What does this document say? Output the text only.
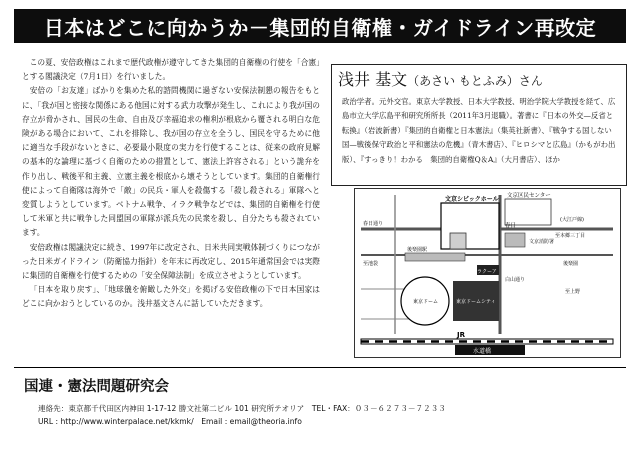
日本はどこに向かうか－集団的自衛権・ガイドライン再改定

この夏、安倍政権はこれまで歴代政権が遵守してきた集団的自衛権の行使を「合憲」とする閣議決定（7月1日）を行いました。

安倍の「お友達」ばかりを集めた私的諮問機関に過ぎない安保法制懇の報告をもとに、「我が国と密接な関係にある他国に対する武力攻撃が発生し、これにより我が国の存立が脅かされ、国民の生命、自由及び幸福追求の権利が根底から覆される明白な危険がある場合において、これを排除し、我が国の存立を全うし、国民を守るために他に適当な手段がないときに、必要最小限度の実力を行使することは、従来の政府見解の基本的な論理に基づく自衛のための措置として、憲法上許容される」という詭弁を作り出し、戦後平和主義、立憲主義を根底から壊そうとしています。集団的自衛権行使によって自衛隊は海外で「敵」の民兵・軍人を殺傷する「殺し殺される」軍隊へと変質しようとしています。ベトナム戦争、イラク戦争などでは、集団的自衛権を行使して米軍と共に戦争した同盟国の軍隊が派兵先の民衆を殺し、自分たちも殺されています。

安倍政権は閣議決定に続き、1997年に改定され、日米共同実戦体制づくりにつながった日米ガイドライン（防衛協力指針）を年末に再改定し、2015年通常国会では実際に集団的自衛権を行使するための「安全保障法制」を成立させようとしています。

「日本を取り戻す」、「地球儀を俯瞰した外交」を掲げる安倍政権の下で日本国家はどこに向かおうとしているのか。浅井基文さんに話していただきます。

浅井 基文（あさい もとふみ）さん
政治学者。元外交官。東京大学教授、日本大学教授、明治学院大学教授を経て、広島市立大学広島平和研究所所長（2011年3月退職）。著書に『日本の外交—反省と転換』（岩波新書）『集団的自衛権と日本憲法』（集英社新書）、『戦争する国しない国—戦後保守政治と平和憲法の危機』（青木書店）、『ヒロシマと広島』（かもがわ出版）、『すっきり！わかる　集団的自衛権Q＆A』（大月書店）、ほか
文京シビックホール 文京区民センター
春日通り	春日
後楽園駅
ラクーア
東京ドーム	東京ドームシティ
JR
水道橋
白山通り
(大江戸線)
文京消防署
後楽園
至本郷三丁目
至池袋
至上野
国連・憲法問題研究会
連絡先：東京都千代田区内神田 1-17-12 勝文社第二ビル 101 研究所テオリア　TEL・FAX：０３－６２７３－７２３３
URL : http://www.winterpalace.net/kkmk/　Email : email@theoria.info
